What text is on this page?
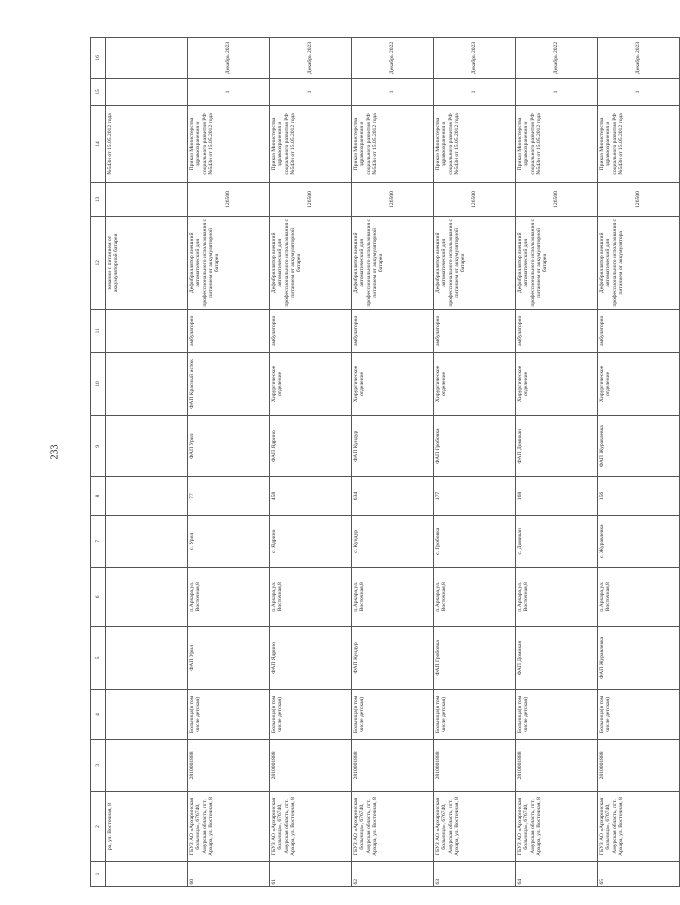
233
1	2	3	4	5	6	7	8	9	10	11	12	13	14	15	16
	ра, ул. Восточная, 8										зовании с питанием от аккумуляторной батареи		№543н от 15.05.2012 года		
60	ГБУЗ АО «Архаринская больница», 676740, Амурская область, пгт. Архара, ул. Восточная, 8	2810001888	Больница(в том числе детская)	ФАП Урил	п.Архара,ул. Восточная,8	с. Урил	77	ФАП Урил	ФАП Красный исток	амбулаторно	Дефибриллятор внешний автоматический для профессионального использования с питанием от аккумуляторной батареи	126500	Приказ Министерства здравоохранения и социального развития РФ №543н от 15.05.2012 года	1	Декабрь 2023
61	ГБУЗ АО «Архаринская больница», 676740, Амурская область, пгт. Архара, ул. Восточная, 8	2810001888	Больница(в том числе детская)	ФАП Ядрино	п.Архара,ул. Восточная,8	с. Ядрино	458	ФАП Ядрино	Хирургическое отделение	амбулаторно	Дефибриллятор внешний автоматический для профессионального использования с питанием от аккумуляторной батареи	126500	Приказ Министерства здравоохранения и социального развития РФ №543н от 15.05.2012 года	1	Декабрь 2023
62	ГБУЗ АО «Архаринская больница», 676740, Амурская область, пгт. Архара, ул. Восточная, 8	2810001888	Больница(в том числе детская)	ФАП Кундур	п.Архара,ул. Восточная,8	с. Кундур	634	ФАП Кундур	Хирургическое отделение	амбулаторно	Дефибриллятор внешний автоматический для профессионального использования с питанием от аккумуляторной батареи	126500	Приказ Министерства здравоохранения и социального развития РФ №543н от 15.05.2012 года	1	Декабрь 2022
63	ГБУЗ АО «Архаринская больница», 676740, Амурская область, пгт. Архара, ул. Восточная, 8	2810001888	Больница(в том числе детская)	ФАП Гробовка	п.Архара,ул. Восточная,8	с. Гробовка	177	ФАП Гробовка	Хирургическое отделение	амбулаторно	Дефибриллятор внешний автоматический для профессионального использования с питанием от аккумуляторной батареи	126500	Приказ Министерства здравоохранения и социального развития РФ №543н от 15.05.2012 года	1	Декабрь 2023
64	ГБУЗ АО «Архаринская больница», 676740, Амурская область, пгт. Архара, ул. Восточная, 8	2810001888	Больница(в том числе детская)	ФАП Домикан	п.Архара,ул. Восточная,8	с. Домикан	168	ФАП Домикан	Хирургическое отделение	амбулаторно	Дефибриллятор внешний автоматический для профессионального использования с питанием от аккумуляторной батареи	126500	Приказ Министерства здравоохранения и социального развития РФ №543н от 15.05.2012 года	1	Декабрь 2022
65	ГБУЗ АО «Архаринская больница», 676740, Амурская область, пгт. Архара, ул. Восточная, 8	2810001888	Больница(в том числе детская)	ФАП Журавлевка	п.Архара,ул. Восточная,8	с. Журавлевка	156	ФАП Журавлевка	Хирургическое отделение	амбулаторно	Дефибриллятор внешний автоматический для профессионального использования с питанием от аккумулятора	126500	Приказ Министерства здравоохранения и социального развития РФ №543н от 15.05.2012 года	1	Декабрь 2023
